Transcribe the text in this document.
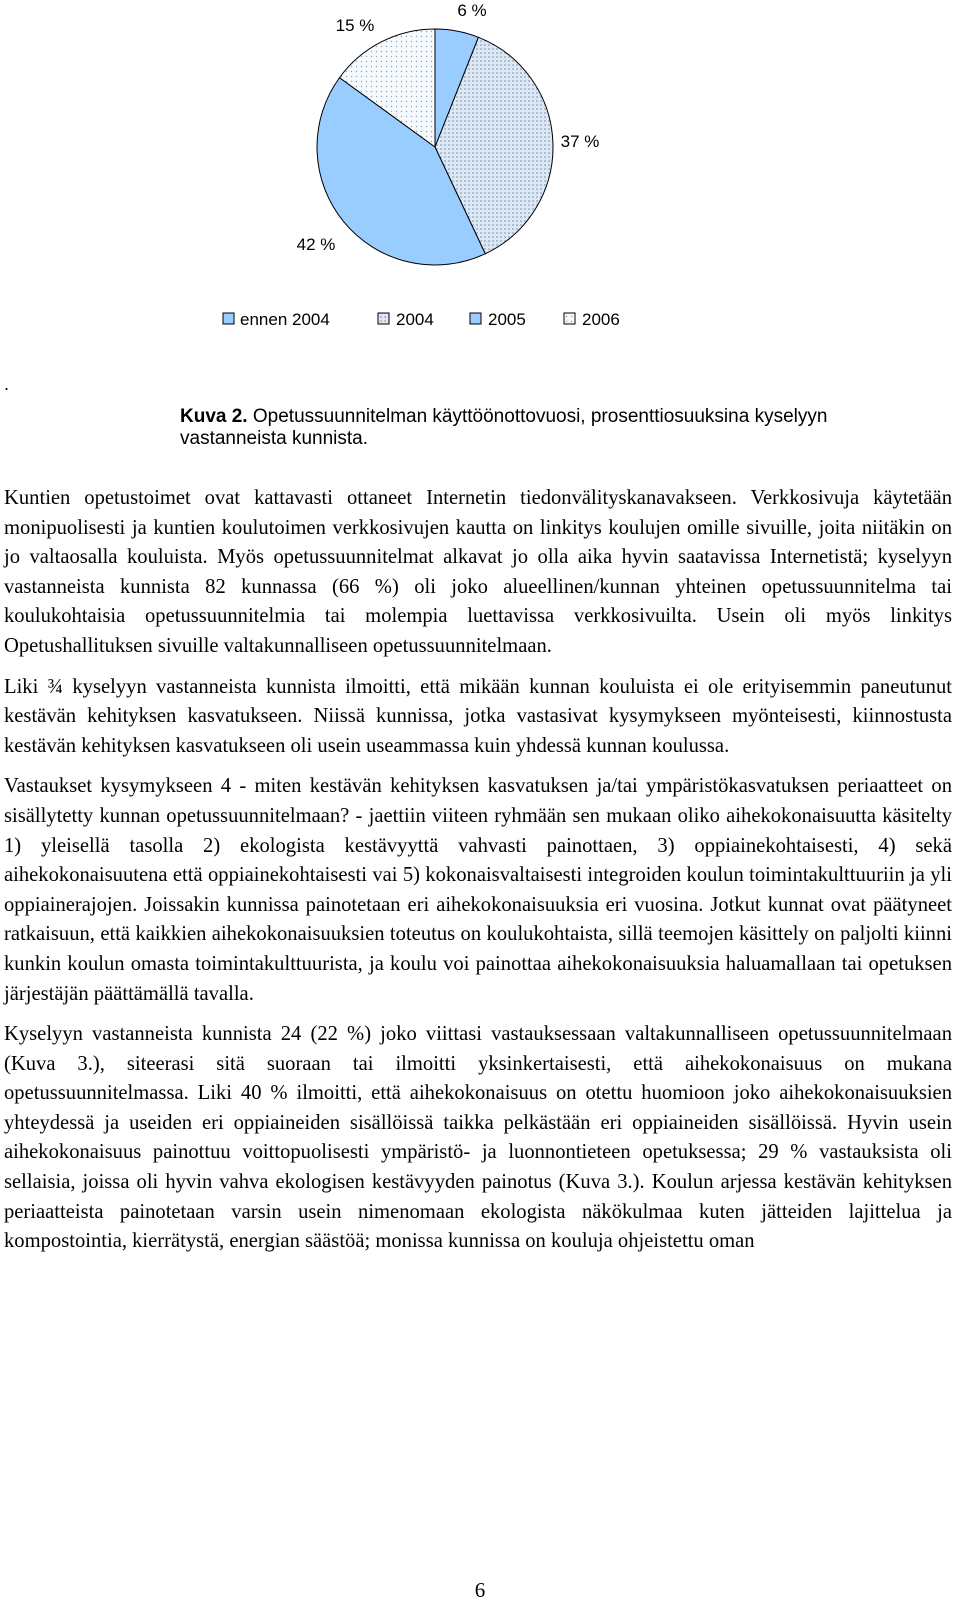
6 %
37 %
42 %
15 %
ennen 2004	2004	2005	2006
.
Kuva 2. Opetussuunnitelman käyttöönottovuosi, prosenttiosuuksina kyselyyn vastanneista kunnista.

Kuntien opetustoimet ovat kattavasti ottaneet Internetin tiedonvälityskanavakseen. Verkkosivuja käytetään monipuolisesti ja kuntien koulutoimen verkkosivujen kautta on linkitys koulujen omille sivuille, joita niitäkin on jo valtaosalla kouluista. Myös opetussuunnitelmat alkavat jo olla aika hyvin saatavissa Internetistä; kyselyyn vastanneista kunnista 82 kunnassa (66 %) oli joko alueellinen/kunnan yhteinen opetussuunnitelma tai koulukohtaisia opetussuunnitelmia tai molempia luettavissa verkkosivuilta. Usein oli myös linkitys Opetushallituksen sivuille valtakunnalliseen opetussuunnitelmaan.

Liki ¾ kyselyyn vastanneista kunnista ilmoitti, että mikään kunnan kouluista ei ole erityisemmin paneutunut kestävän kehityksen kasvatukseen. Niissä kunnissa, jotka vastasivat kysymykseen myönteisesti, kiinnostusta kestävän kehityksen kasvatukseen oli usein useammassa kuin yhdessä kunnan koulussa.

Vastaukset kysymykseen 4 - miten kestävän kehityksen kasvatuksen ja/tai ympäristökasvatuksen periaatteet on sisällytetty kunnan opetussuunnitelmaan? - jaettiin viiteen ryhmään sen mukaan oliko aihekokonaisuutta käsitelty 1) yleisellä tasolla 2) ekologista kestävyyttä vahvasti painottaen, 3) oppiainekohtaisesti, 4) sekä aihekokonaisuutena että oppiainekohtaisesti vai 5) kokonaisvaltaisesti integroiden koulun toimintakulttuuriin ja yli oppiainerajojen. Joissakin kunnissa painotetaan eri aihekokonaisuuksia eri vuosina. Jotkut kunnat ovat päätyneet ratkaisuun, että kaikkien aihekokonaisuuksien toteutus on koulukohtaista, sillä teemojen käsittely on paljolti kiinni kunkin koulun omasta toimintakulttuurista, ja koulu voi painottaa aihekokonaisuuksia haluamallaan tai opetuksen järjestäjän päättämällä tavalla.

Kyselyyn vastanneista kunnista 24 (22 %) joko viittasi vastauksessaan valtakunnalliseen opetussuunnitelmaan (Kuva 3.), siteerasi sitä suoraan tai ilmoitti yksinkertaisesti, että aihekokonaisuus on mukana opetussuunnitelmassa. Liki 40 % ilmoitti, että aihekokonaisuus on otettu huomioon joko aihekokonaisuuksien yhteydessä ja useiden eri oppiaineiden sisällöissä taikka pelkästään eri oppiaineiden sisällöissä. Hyvin usein aihekokonaisuus painottuu voittopuolisesti ympäristö- ja luonnontieteen opetuksessa; 29 % vastauksista oli sellaisia, joissa oli hyvin vahva ekologisen kestävyyden painotus (Kuva 3.). Koulun arjessa kestävän kehityksen periaatteista painotetaan varsin usein nimenomaan ekologista näkökulmaa kuten jätteiden lajittelua ja kompostointia, kierrätystä, energian säästöä; monissa kunnissa on kouluja ohjeistettu oman

6
